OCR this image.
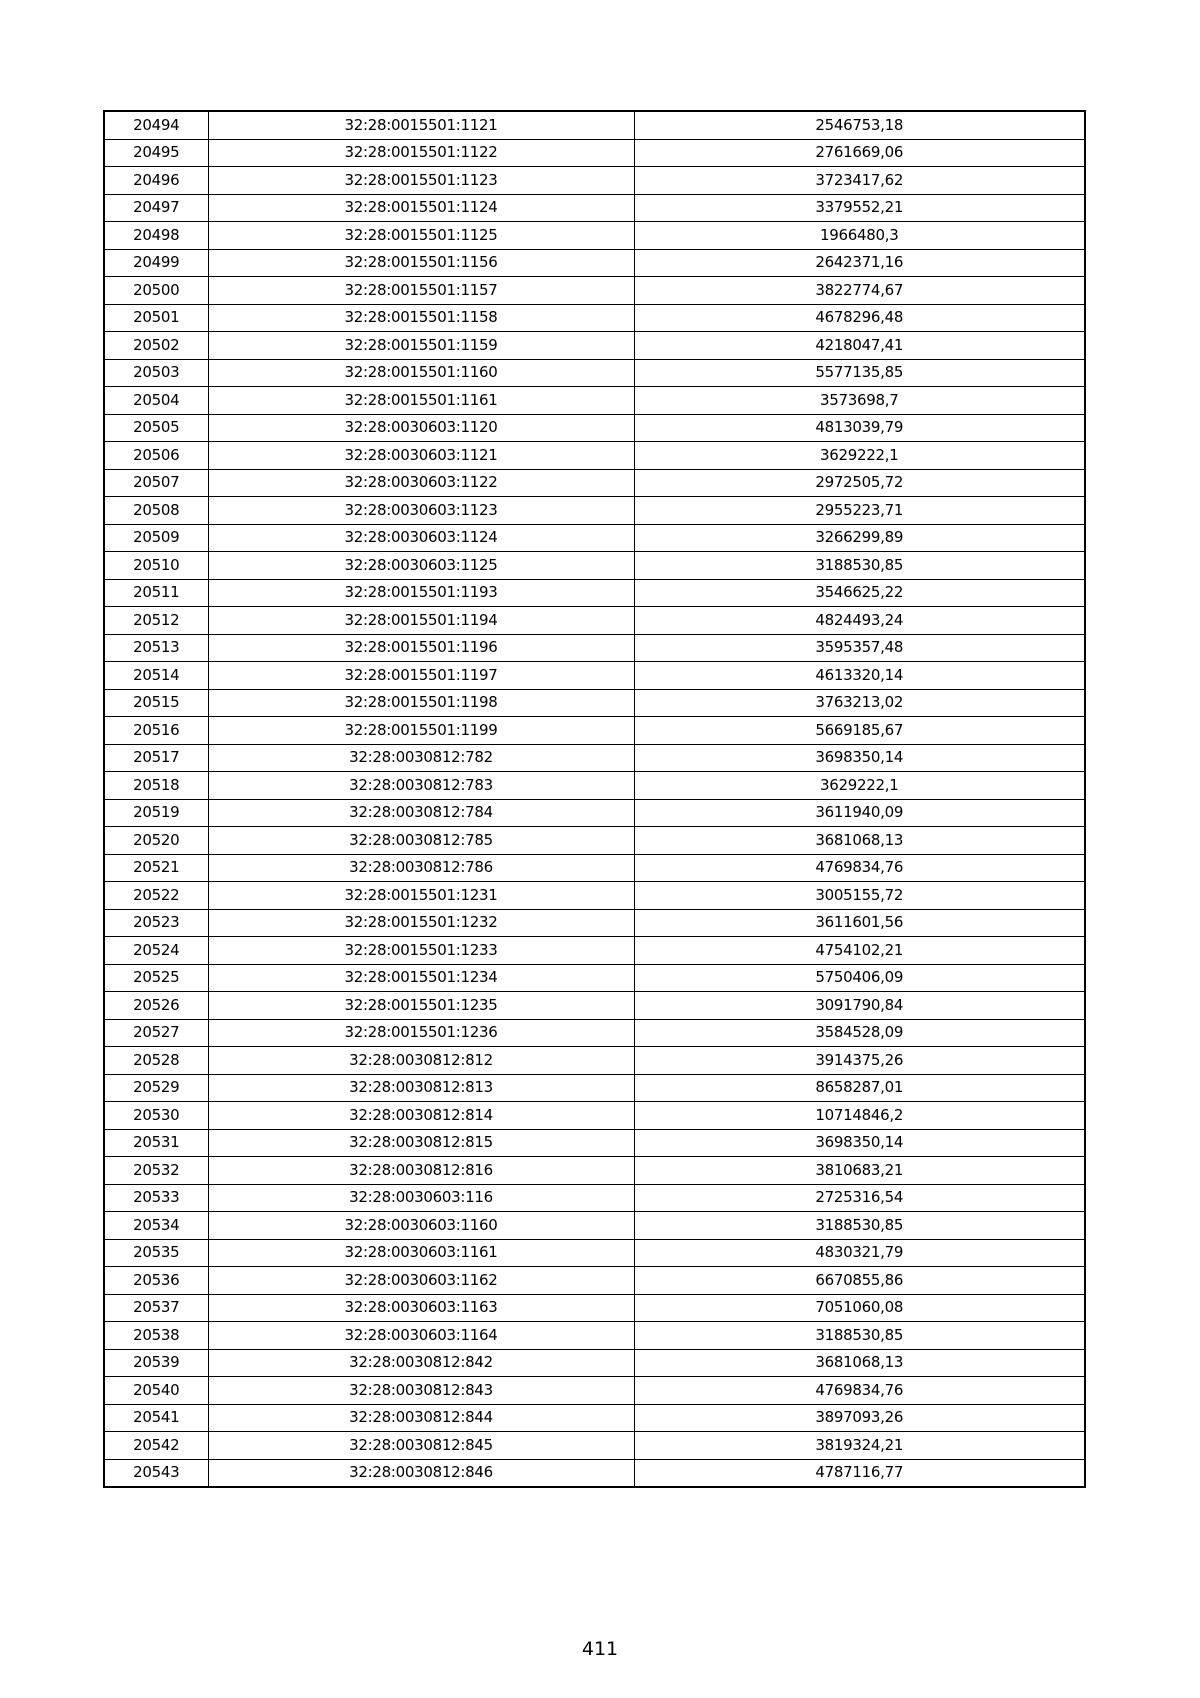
20494	32:28:0015501:1121	2546753,18
20495	32:28:0015501:1122	2761669,06
20496	32:28:0015501:1123	3723417,62
20497	32:28:0015501:1124	3379552,21
20498	32:28:0015501:1125	1966480,3
20499	32:28:0015501:1156	2642371,16
20500	32:28:0015501:1157	3822774,67
20501	32:28:0015501:1158	4678296,48
20502	32:28:0015501:1159	4218047,41
20503	32:28:0015501:1160	5577135,85
20504	32:28:0015501:1161	3573698,7
20505	32:28:0030603:1120	4813039,79
20506	32:28:0030603:1121	3629222,1
20507	32:28:0030603:1122	2972505,72
20508	32:28:0030603:1123	2955223,71
20509	32:28:0030603:1124	3266299,89
20510	32:28:0030603:1125	3188530,85
20511	32:28:0015501:1193	3546625,22
20512	32:28:0015501:1194	4824493,24
20513	32:28:0015501:1196	3595357,48
20514	32:28:0015501:1197	4613320,14
20515	32:28:0015501:1198	3763213,02
20516	32:28:0015501:1199	5669185,67
20517	32:28:0030812:782	3698350,14
20518	32:28:0030812:783	3629222,1
20519	32:28:0030812:784	3611940,09
20520	32:28:0030812:785	3681068,13
20521	32:28:0030812:786	4769834,76
20522	32:28:0015501:1231	3005155,72
20523	32:28:0015501:1232	3611601,56
20524	32:28:0015501:1233	4754102,21
20525	32:28:0015501:1234	5750406,09
20526	32:28:0015501:1235	3091790,84
20527	32:28:0015501:1236	3584528,09
20528	32:28:0030812:812	3914375,26
20529	32:28:0030812:813	8658287,01
20530	32:28:0030812:814	10714846,2
20531	32:28:0030812:815	3698350,14
20532	32:28:0030812:816	3810683,21
20533	32:28:0030603:116	2725316,54
20534	32:28:0030603:1160	3188530,85
20535	32:28:0030603:1161	4830321,79
20536	32:28:0030603:1162	6670855,86
20537	32:28:0030603:1163	7051060,08
20538	32:28:0030603:1164	3188530,85
20539	32:28:0030812:842	3681068,13
20540	32:28:0030812:843	4769834,76
20541	32:28:0030812:844	3897093,26
20542	32:28:0030812:845	3819324,21
20543	32:28:0030812:846	4787116,77
411
